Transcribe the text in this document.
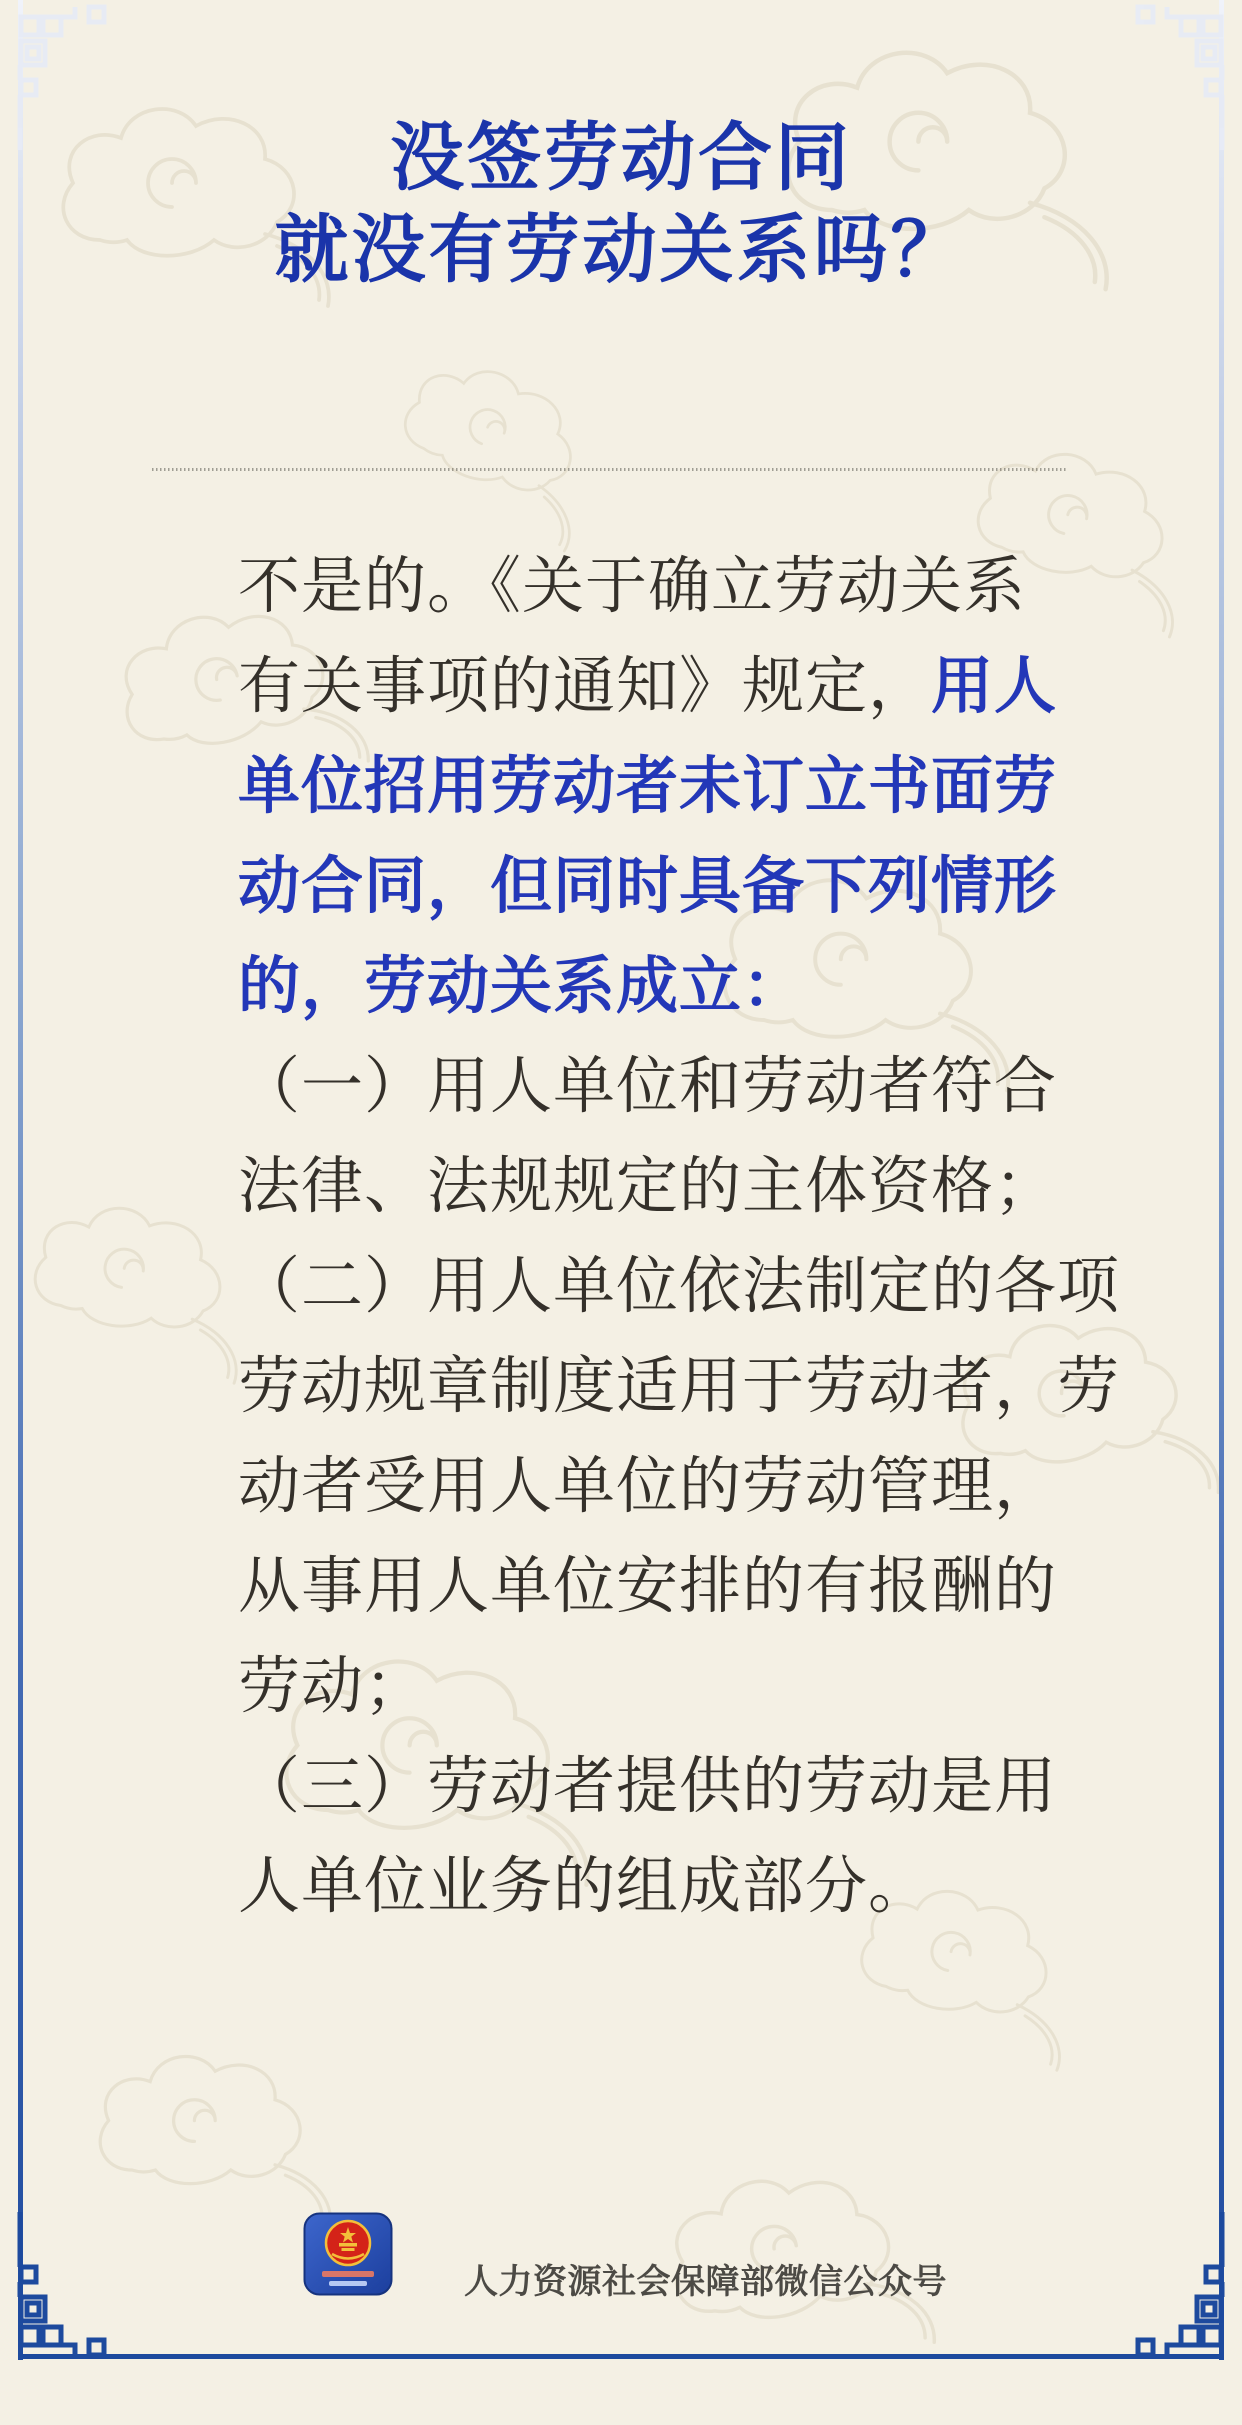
没签劳动合同
就没有劳动关系吗？
不是的。《关于确立劳动关系
有关事项的通知》规定，用人
单位招用劳动者未订立书面劳
动合同，但同时具备下列情形
的，劳动关系成立：
（一）用人单位和劳动者符合
法律、法规规定的主体资格；
（二）用人单位依法制定的各项
劳动规章制度适用于劳动者，劳
动者受用人单位的劳动管理，
从事用人单位安排的有报酬的
劳动；
（三）劳动者提供的劳动是用
人单位业务的组成部分。
人力资源社会保障部微信公众号
